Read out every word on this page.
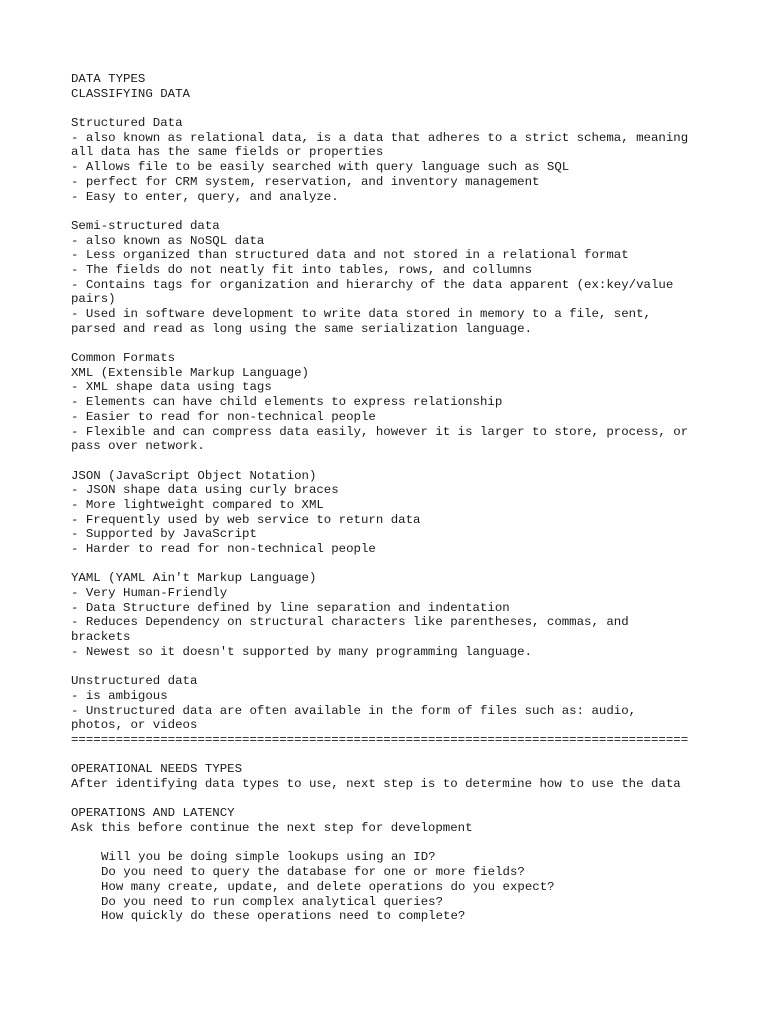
DATA TYPES
CLASSIFYING DATA
Structured Data
- also known as relational data, is a data that adheres to a strict schema, meaning
all data has the same fields or properties
- Allows file to be easily searched with query language such as SQL
- perfect for CRM system, reservation, and inventory management
- Easy to enter, query, and analyze.
Semi-structured data
- also known as NoSQL data
- Less organized than structured data and not stored in a relational format
- The fields do not neatly fit into tables, rows, and collumns
- Contains tags for organization and hierarchy of the data apparent (ex:key/value
pairs)
- Used in software development to write data stored in memory to a file, sent,
parsed and read as long using the same serialization language.
Common Formats
XML (Extensible Markup Language)
- XML shape data using tags
- Elements can have child elements to express relationship
- Easier to read for non-technical people
- Flexible and can compress data easily, however it is larger to store, process, or
pass over network.
JSON (JavaScript Object Notation)
- JSON shape data using curly braces
- More lightweight compared to XML
- Frequently used by web service to return data
- Supported by JavaScript
- Harder to read for non-technical people
YAML (YAML Ain't Markup Language)
- Very Human-Friendly
- Data Structure defined by line separation and indentation
- Reduces Dependency on structural characters like parentheses, commas, and
brackets
- Newest so it doesn't supported by many programming language.
Unstructured data
- is ambigous
- Unstructured data are often available in the form of files such as: audio,
photos, or videos
===================================================================================
OPERATIONAL NEEDS TYPES
After identifying data types to use, next step is to determine how to use the data
OPERATIONS AND LATENCY
Ask this before continue the next step for development
Will you be doing simple lookups using an ID?
Do you need to query the database for one or more fields?
How many create, update, and delete operations do you expect?
Do you need to run complex analytical queries?
How quickly do these operations need to complete?
